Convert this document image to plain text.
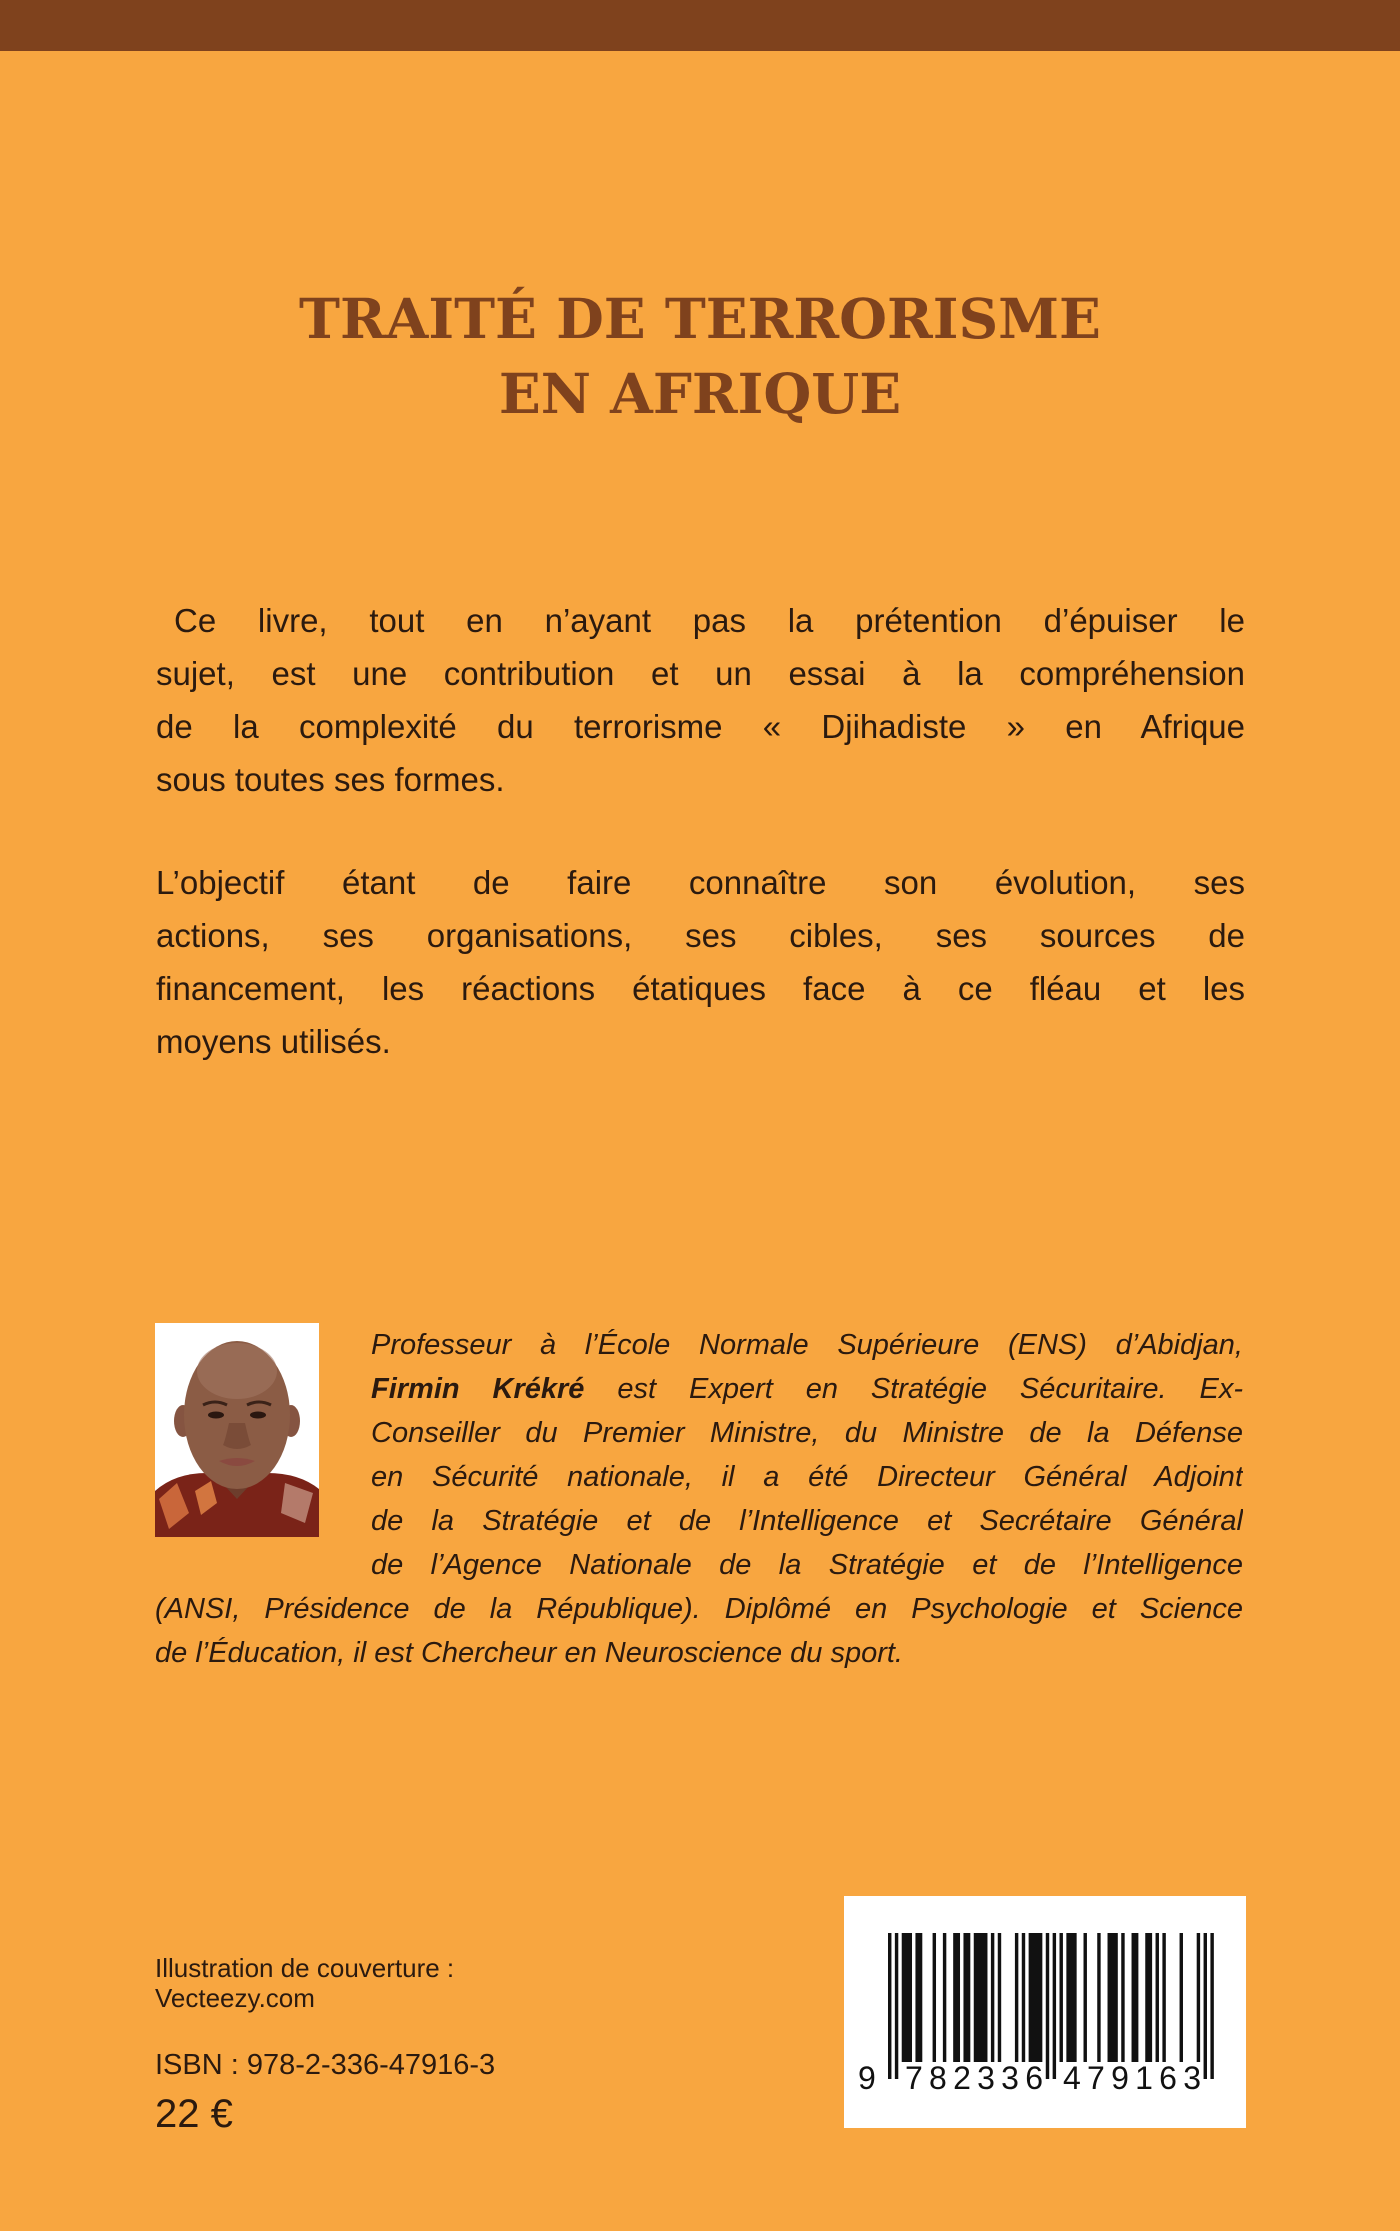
TRAITÉ DE TERRORISME
EN AFRIQUE
Ce livre, tout en n’ayant pas la prétention d’épuiser le
sujet, est une contribution et un essai à la compréhension
de la complexité du terrorisme « Djihadiste » en Afrique
sous toutes ses formes.
L’objectif étant de faire connaître son évolution, ses
actions, ses organisations, ses cibles, ses sources de
financement, les réactions étatiques face à ce fléau et les
moyens utilisés.
Professeur à l’École Normale Supérieure (ENS) d’Abidjan,
Firmin Krékré est Expert en Stratégie Sécuritaire. Ex-
Conseiller du Premier Ministre, du Ministre de la Défense
en Sécurité nationale, il a été Directeur Général Adjoint
de la Stratégie et de l’Intelligence et Secrétaire Général
de l’Agence Nationale de la Stratégie et de l’Intelligence
(ANSI, Présidence de la République). Diplômé en Psychologie et Science
de l’Éducation, il est Chercheur en Neuroscience du sport.
Illustration de couverture :
Vecteezy.com
ISBN : 978-2-336-47916-3
22 €
9 782336 479163
